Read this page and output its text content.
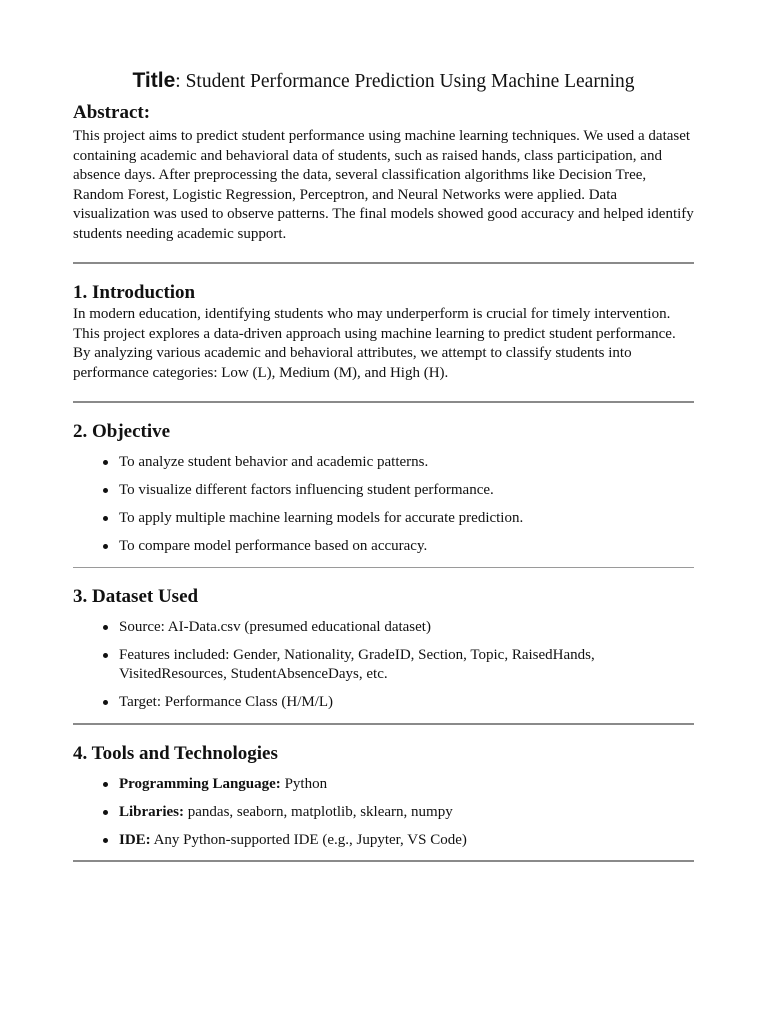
Title: Student Performance Prediction Using Machine Learning
Abstract:

This project aims to predict student performance using machine learning techniques. We used a dataset containing academic and behavioral data of students, such as raised hands, class participation, and absence days. After preprocessing the data, several classification algorithms like Decision Tree, Random Forest, Logistic Regression, Perceptron, and Neural Networks were applied. Data visualization was used to observe patterns. The final models showed good accuracy and helped identify students needing academic support.

1. Introduction

In modern education, identifying students who may underperform is crucial for timely intervention. This project explores a data-driven approach using machine learning to predict student performance. By analyzing various academic and behavioral attributes, we attempt to classify students into performance categories: Low (L), Medium (M), and High (H).

2. Objective
To analyze student behavior and academic patterns.
To visualize different factors influencing student performance.
To apply multiple machine learning models for accurate prediction.
To compare model performance based on accuracy.
3. Dataset Used
Source: AI-Data.csv (presumed educational dataset)
Features included: Gender, Nationality, GradeID, Section, Topic, RaisedHands, VisitedResources, StudentAbsenceDays, etc.
Target: Performance Class (H/M/L)
4. Tools and Technologies
Programming Language: Python
Libraries: pandas, seaborn, matplotlib, sklearn, numpy
IDE: Any Python-supported IDE (e.g., Jupyter, VS Code)
